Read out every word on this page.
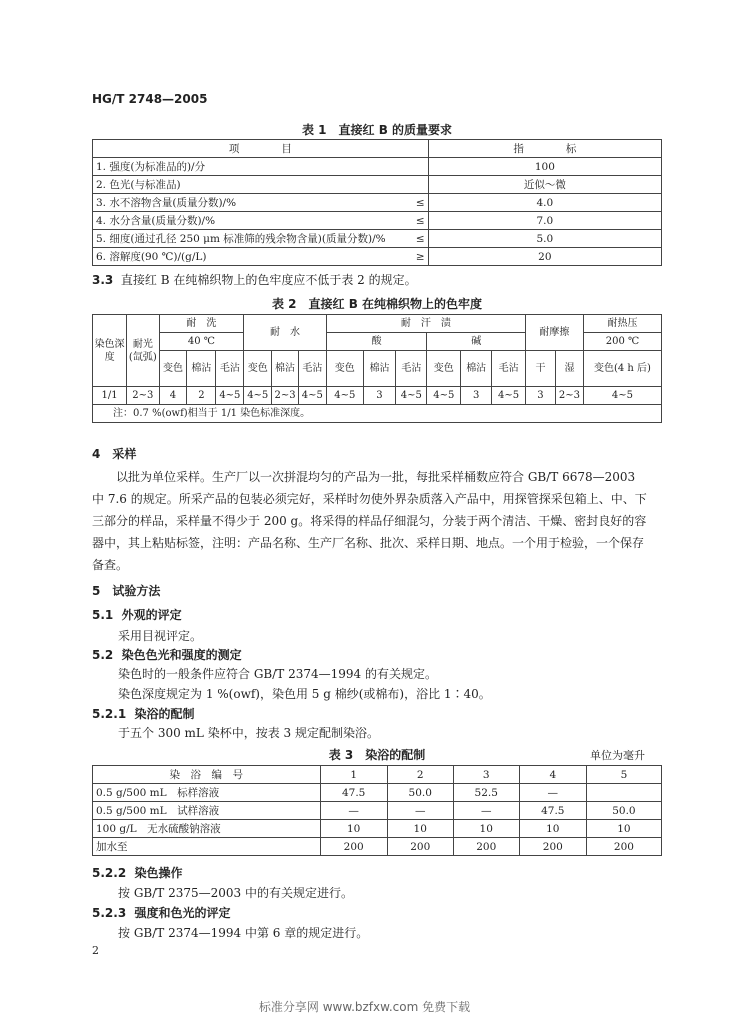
HG/T 2748—2005
表 1　直接红 B 的质量要求
项　　　　目	指　　　　标

1. 强度(为标准品的)/分	100

2. 色光(与标准品)	近似～微

≤
3. 水不溶物含量(质量分数)/%	4.0

≤
4. 水分含量(质量分数)/%	7.0

≤
5. 细度(通过孔径 250 μm 标准筛的残余物含量)(质量分数)/%	5.0

≥
6. 溶解度(90 ℃)/(g/L)	20
3.3 直接红 B 在纯棉织物上的色牢度应不低于表 2 的规定。
表 2　直接红 B 在纯棉织物上的色牢度
染色深度	耐光(氙弧)	耐　洗			耐　水			耐　汗　渍						耐摩擦		耐热压
		40 ℃						酸			碱					200 ℃
		变色	棉沾	毛沾	变色	棉沾	毛沾	变色	棉沾	毛沾	变色	棉沾	毛沾	干	湿	变色(4 h 后)
1/1	2~3	4	2	4~5	4~5	2~3	4~5	4~5	3	4~5	4~5	3	4~5	3	2~3	4~5
注：0.7 %(owf)相当于 1/1 染色标准深度。																
4　采样
以批为单位采样。生产厂以一次拼混均匀的产品为一批，每批采样桶数应符合 GB/T 6678—2003
中 7.6 的规定。所采产品的包装必须完好，采样时勿使外界杂质落入产品中，用探管探采包箱上、中、下
三部分的样品，采样量不得少于 200 g。将采得的样品仔细混匀，分装于两个清洁、干燥、密封良好的容
器中，其上粘贴标签，注明：产品名称、生产厂名称、批次、采样日期、地点。一个用于检验，一个保存
备查。
5　试验方法
5.1 外观的评定
采用目视评定。
5.2 染色色光和强度的测定
染色时的一般条件应符合 GB/T 2374—1994 的有关规定。
染色深度规定为 1 %(owf)，染色用 5 g 棉纱(或棉布)，浴比 1∶40。
5.2.1 染浴的配制
于五个 300 mL 染杯中，按表 3 规定配制染浴。
表 3　染浴的配制	单位为毫升
染　浴　编　号	1	2	3	4	5
0.5 g/500 mL　标样溶液	47.5	50.0	52.5	—	
0.5 g/500 mL　试样溶液	—	—	—	47.5	50.0
100 g/L　无水硫酸钠溶液	10	10	10	10	10
加水至	200	200	200	200	200
5.2.2 染色操作
按 GB/T 2375—2003 中的有关规定进行。
5.2.3 强度和色光的评定
按 GB/T 2374—1994 中第 6 章的规定进行。
2
标准分享网 www.bzfxw.com 免费下载
